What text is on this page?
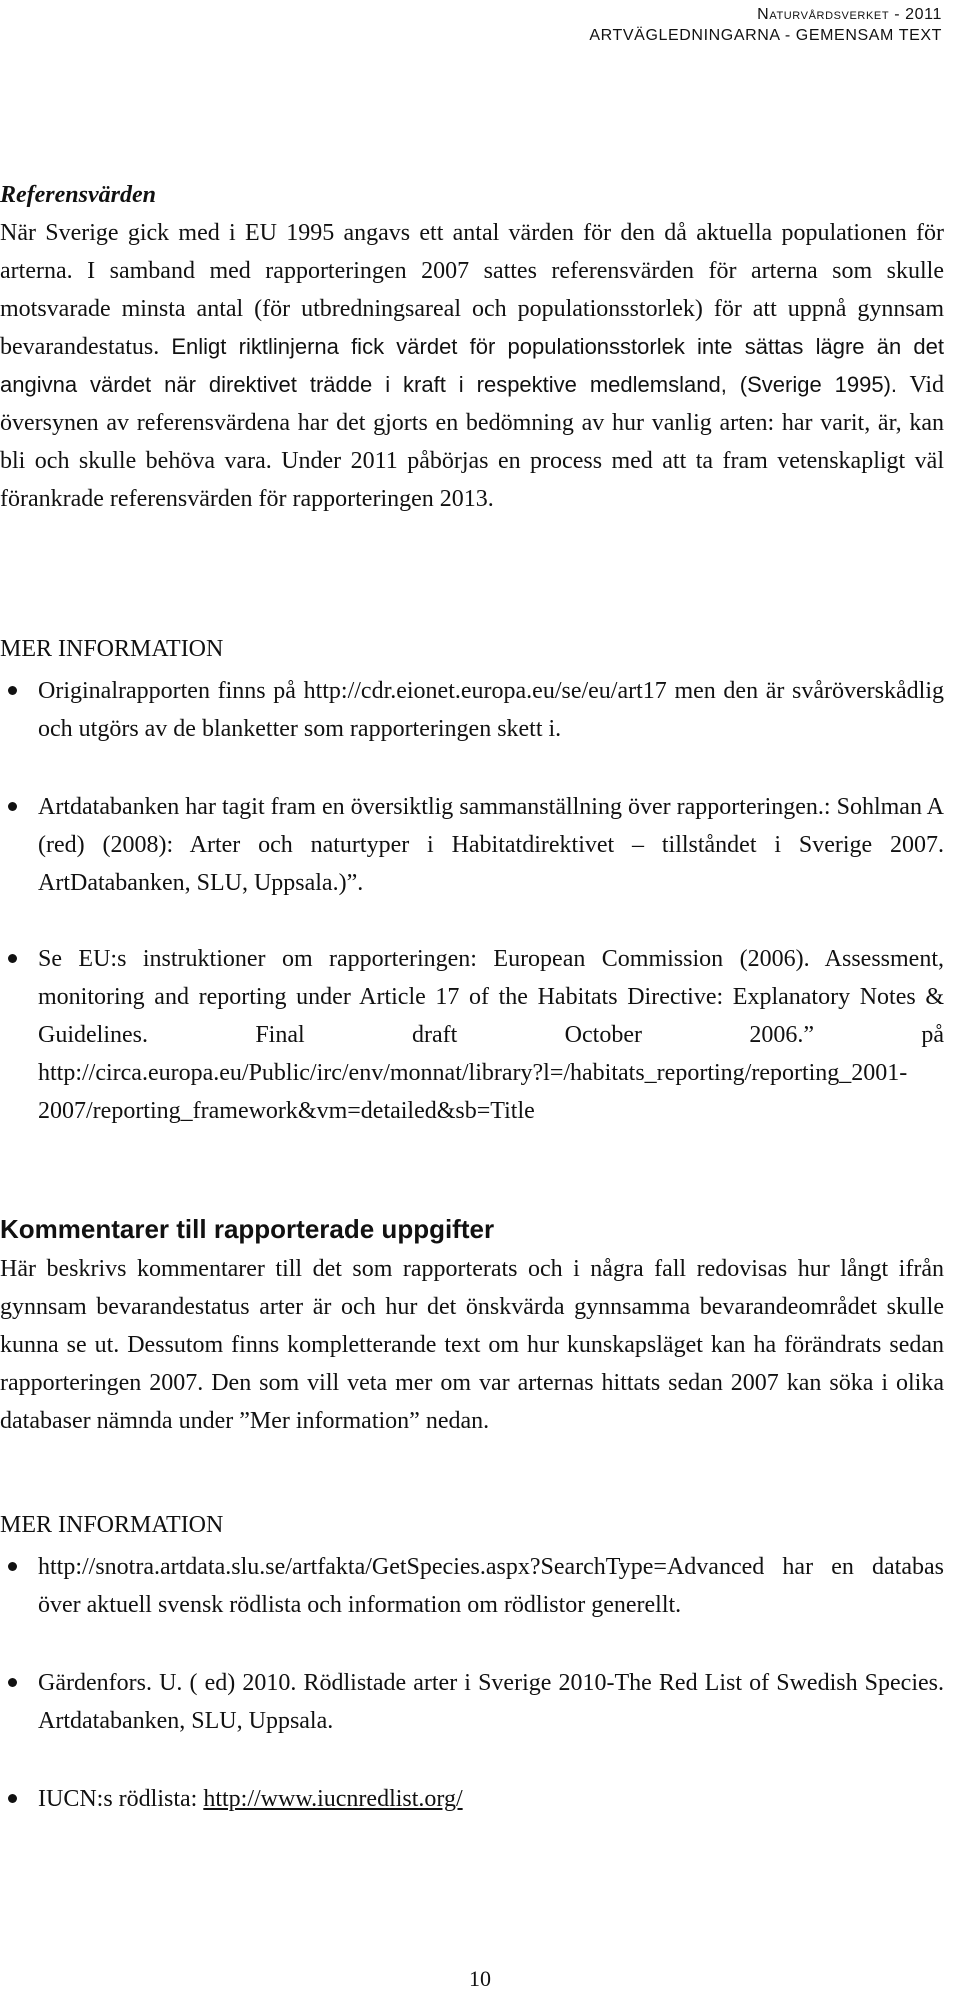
Naturvårdsverket - 2011
ARTVÄGLEDNINGARNA - GEMENSAM TEXT
Referensvärden
När Sverige gick med i EU 1995 angavs ett antal värden för den då aktuella populationen för arterna. I samband med rapporteringen 2007 sattes referensvärden för arterna som skulle motsvarade minsta antal (för utbredningsareal och populationsstorlek) för att uppnå gynnsam bevarandestatus. Enligt riktlinjerna fick värdet för populationsstorlek inte sättas lägre än det angivna värdet när direktivet trädde i kraft i respektive medlemsland, (Sverige 1995). Vid översynen av referensvärdena har det gjorts en bedömning av hur vanlig arten: har varit, är, kan bli och skulle behöva vara. Under 2011 påbörjas en process med att ta fram vetenskapligt väl förankrade referensvärden för rapporteringen 2013.
MER INFORMATION
Originalrapporten finns på http://cdr.eionet.europa.eu/se/eu/art17 men den är svåröverskådlig och utgörs av de blanketter som rapporteringen skett i.
Artdatabanken har tagit fram en översiktlig sammanställning över rapporteringen.: Sohlman A (red) (2008): Arter och naturtyper i Habitatdirektivet – tillståndet i Sverige 2007. ArtDatabanken, SLU, Uppsala.)”.
Se EU:s instruktioner om rapporteringen: European Commission (2006). Assessment, monitoring and reporting under Article 17 of the Habitats Directive: Explanatory Notes & Guidelines. Final draft October 2006.” på http://circa.europa.eu/Public/irc/env/monnat/library?l=/habitats_reporting/reporting_2001-2007/reporting_framework&vm=detailed&sb=Title
Kommentarer till rapporterade uppgifter
Här beskrivs kommentarer till det som rapporterats och i några fall redovisas hur långt ifrån gynnsam bevarandestatus arter är och hur det önskvärda gynnsamma bevarandeområdet skulle kunna se ut. Dessutom finns kompletterande text om hur kunskapsläget kan ha förändrats sedan rapporteringen 2007. Den som vill veta mer om var arternas hittats sedan 2007 kan söka i olika databaser nämnda under ”Mer information” nedan.
MER INFORMATION
http://snotra.artdata.slu.se/artfakta/GetSpecies.aspx?SearchType=Advanced har en databas över aktuell svensk rödlista och information om rödlistor generellt.
Gärdenfors. U. ( ed) 2010. Rödlistade arter i Sverige 2010-The Red List of Swedish Species. Artdatabanken, SLU, Uppsala.
IUCN:s rödlista: http://www.iucnredlist.org/
10
